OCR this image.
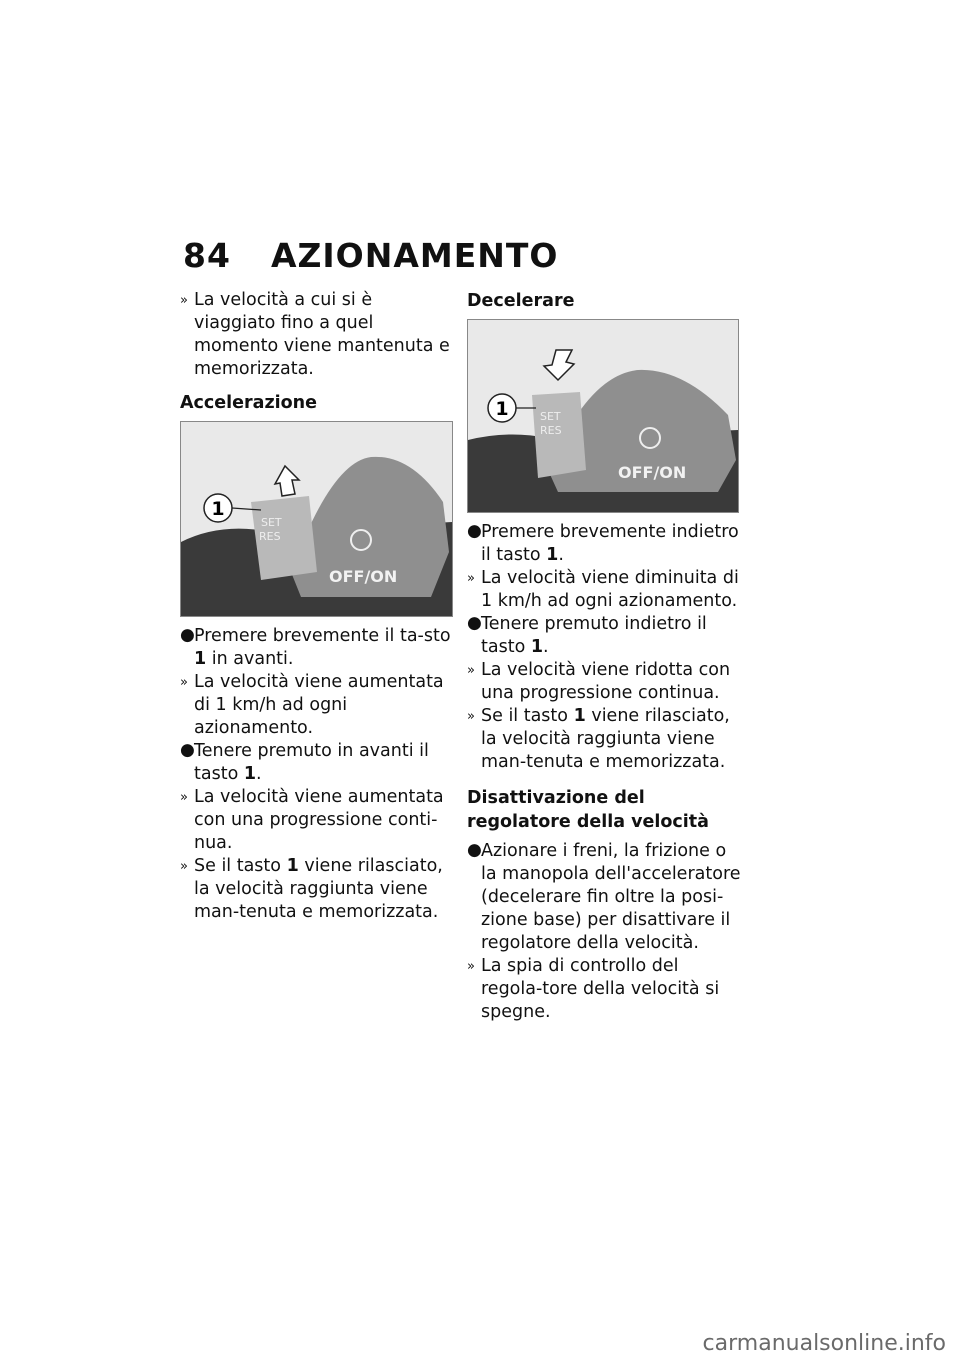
84 AZIONAMENTO

» La velocità a cui si è viaggiato fino a quel momento viene mantenuta e memorizzata.

Accelerazione
1
SET
RES
OFF/ON

● Premere brevemente il ta-sto 1 in avanti.

» La velocità viene aumentata di 1 km/h ad ogni azionamento.

● Tenere premuto in avanti il tasto 1.

» La velocità viene aumentata con una progressione conti-nua.

» Se il tasto 1 viene rilasciato, la velocità raggiunta viene man-tenuta e memorizzata.

Decelerare
1	SET
RES
OFF/ON

● Premere brevemente indietro il tasto 1.

» La velocità viene diminuita di 1 km/h ad ogni azionamento.

● Tenere premuto indietro il tasto 1.

» La velocità viene ridotta con una progressione continua.

» Se il tasto 1 viene rilasciato, la velocità raggiunta viene man-tenuta e memorizzata.

Disattivazione del regolatore della velocità

● Azionare i freni, la frizione o la manopola dell'acceleratore (decelerare fin oltre la posi-zione base) per disattivare il regolatore della velocità.

» La spia di controllo del regola-tore della velocità si spegne.

carmanualsonline.info
